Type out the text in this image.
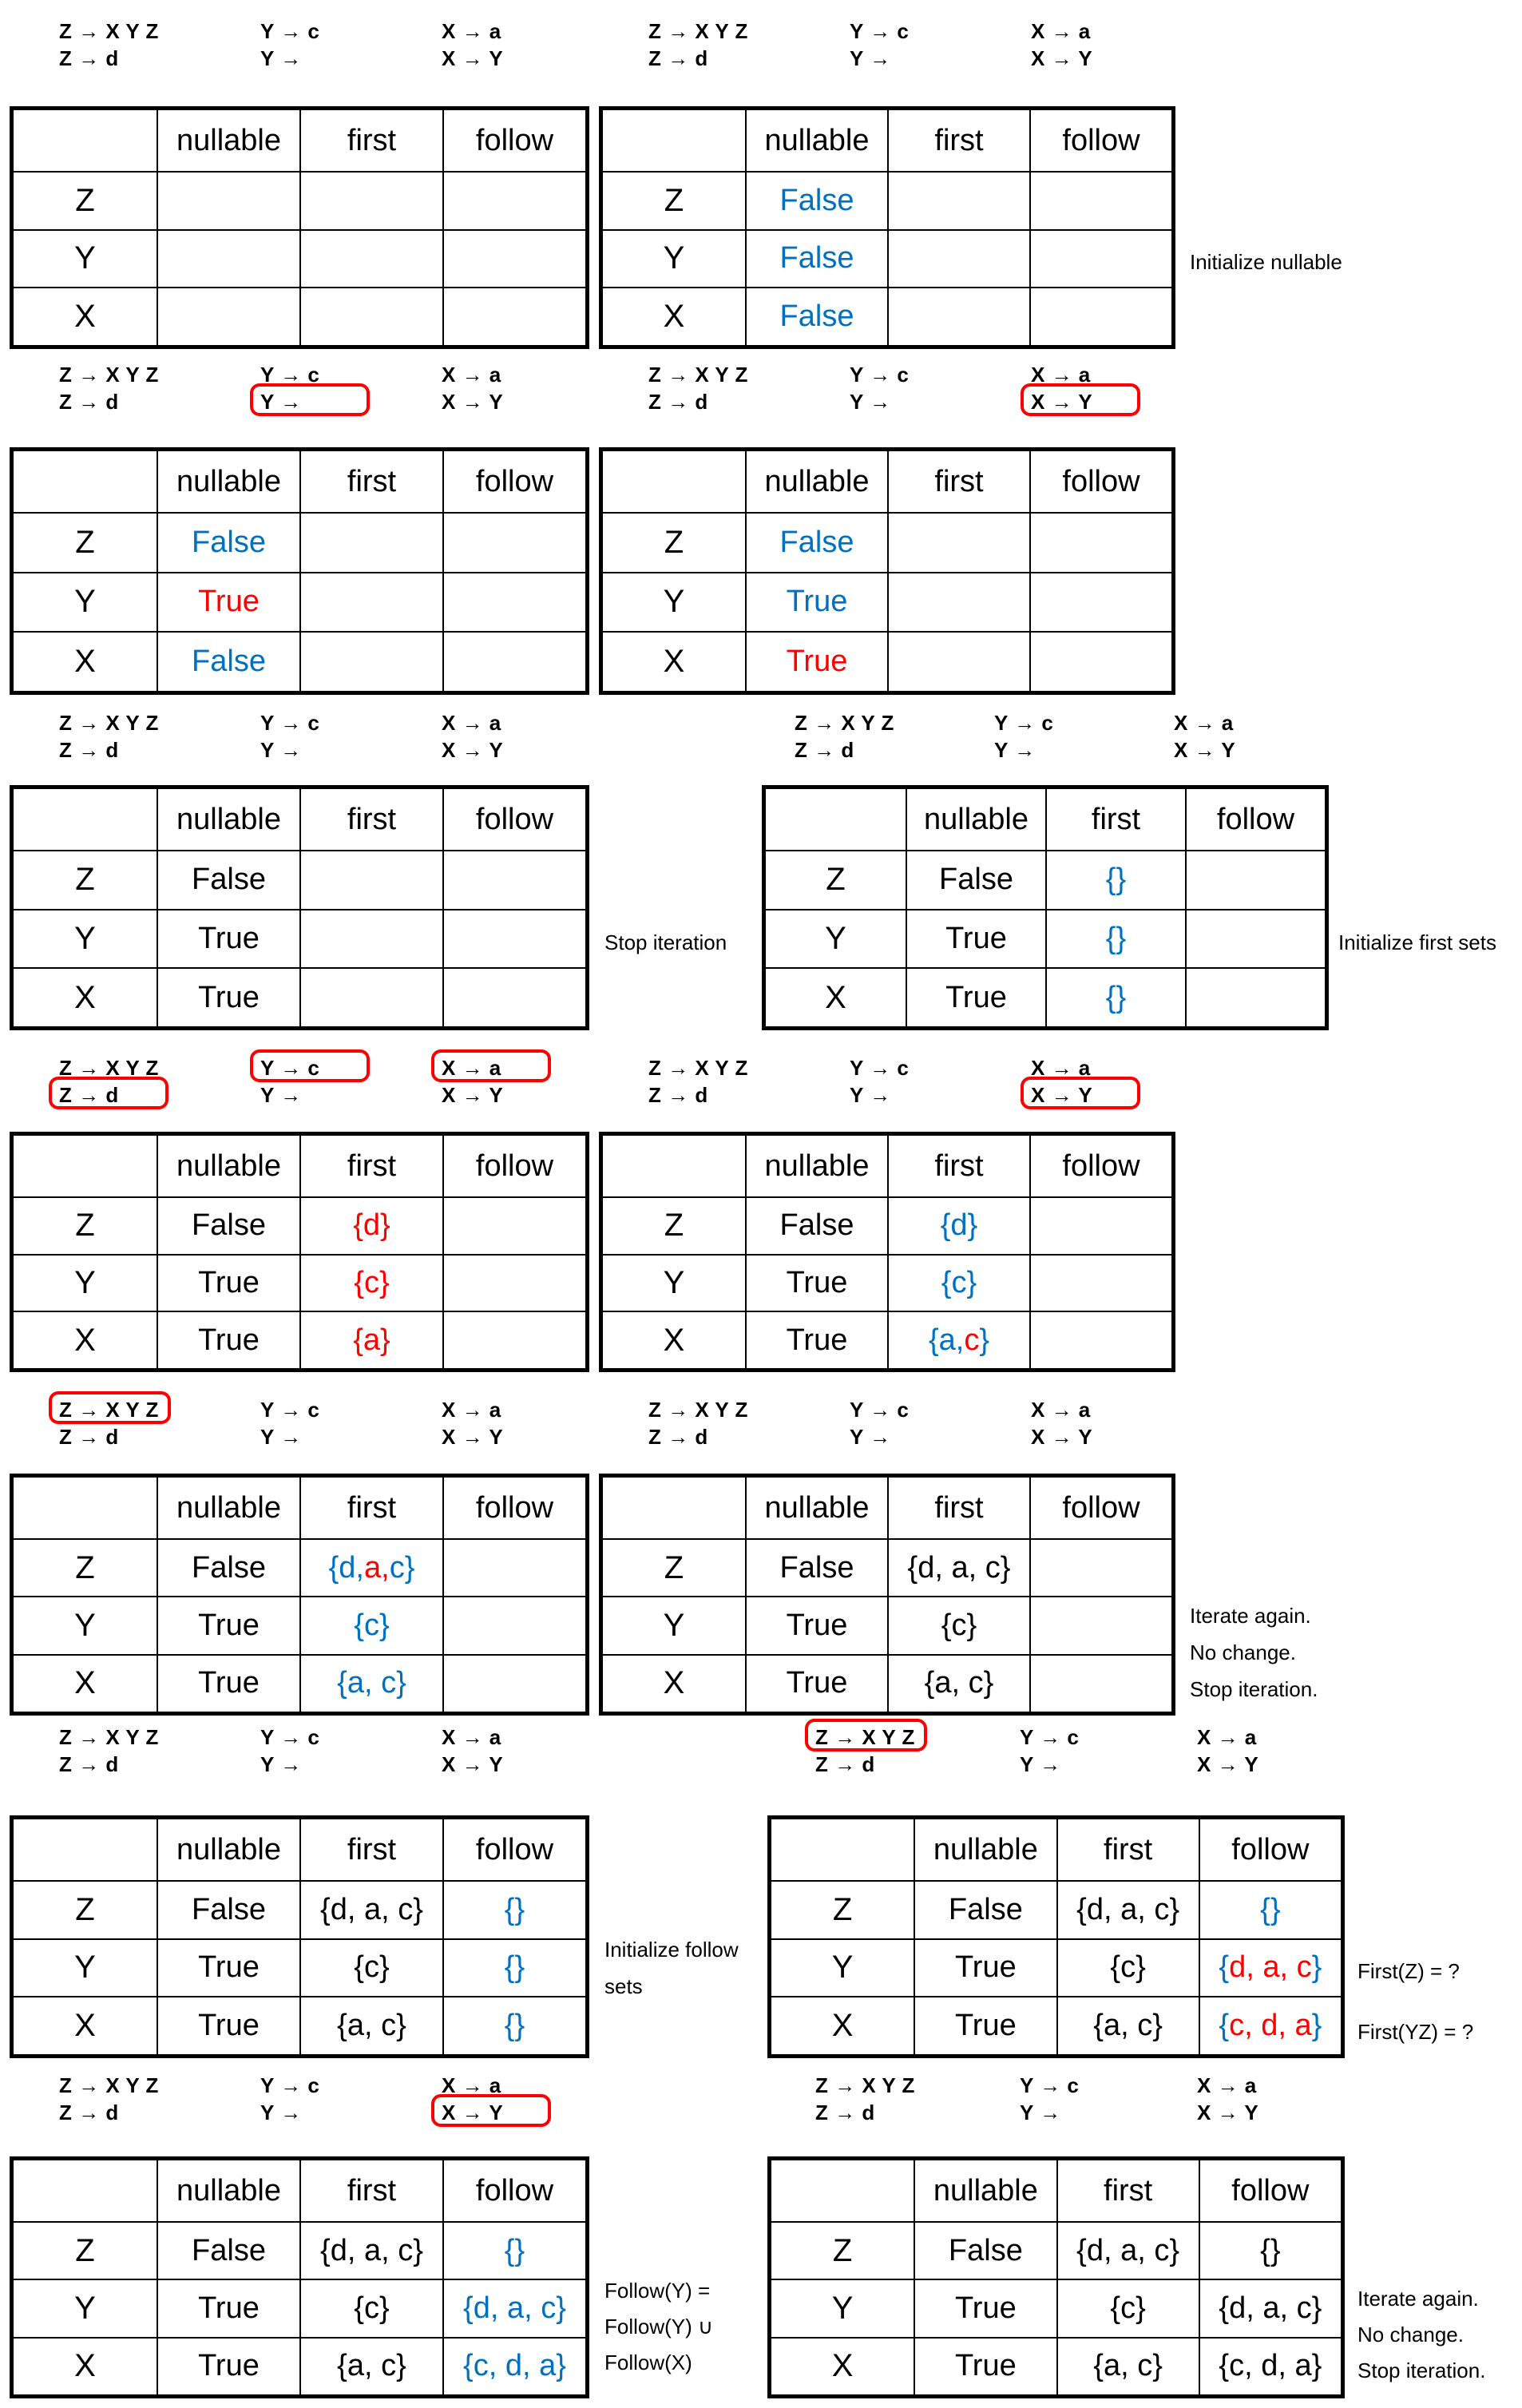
Z → X Y Z
Z → d
Y → c
Y →
X → a
X → Y
nullable	first	follow
Z
Y
X
Z → X Y Z
Z → d
Y → c
Y →
X → a
X → Y
nullable	first	follow
Z	False
Y	False
X	False
Z → X Y Z
Z → d
Y → c
Y →
X → a
X → Y
nullable	first	follow
Z	False
Y	True
X	False
Z → X Y Z
Z → d
Y → c
Y →
X → a
X → Y
nullable	first	follow
Z	False
Y	True
X	True
Z → X Y Z
Z → d
Y → c
Y →
X → a
X → Y
nullable	first	follow
Z	False
Y	True
X	True
Z → X Y Z
Z → d
Y → c
Y →
X → a
X → Y
nullable	first	follow
Z	False	{}
Y	True	{}
X	True	{}
Z → X Y Z
Z → d
Y → c
Y →
X → a
X → Y
nullable	first	follow
Z	False	{d}
Y	True	{c}
X	True	{a}
Z → X Y Z
Z → d
Y → c
Y →
X → a
X → Y
nullable	first	follow
Z	False	{d}
Y	True	{c}
X	True	{a, c }
Z → X Y Z
Z → d
Y → c
Y →
X → a
X → Y
nullable	first	follow
Z	False {d, a, c}
Y	True	{c}
X	True	{a, c}
Z → X Y Z
Z → d
Y → c
Y →
X → a
X → Y
nullable	first	follow
Z	False {d, a, c}
Y	True	{c}
X	True	{a, c}
Z → X Y Z
Z → d
Y → c
Y →
X → a
X → Y
nullable	first	follow
Z	False {d, a, c}	{}
Y	True	{c}	{}
X	True	{a, c}	{}
Z → X Y Z
Z → d
Y → c
Y →
X → a
X → Y
nullable	first	follow
Z	False {d, a, c}	{}
Y	True	{c} { d, a, c }
X	True	{a, c} { c, d, a }
Z → X Y Z
Z → d
Y → c
Y →
X → a
X → Y
nullable	first	follow
Z	False {d, a, c}	{}
Y	True	{c} {d, a, c}
X	True	{a, c} {c, d, a}
Z → X Y Z
Z → d
Y → c
Y →
X → a
X → Y
nullable	first	follow
Z	False {d, a, c}	{}
Y	True	{c} {d, a, c}
X	True	{a, c} {c, d, a}
Initialize nullable
Stop iteration	Initialize first sets
Iterate again.
No change.
Stop iteration.
Initialize follow
sets
First(Z) = ?
First(YZ) = ?
Follow(Y) =
Follow(Y) ∪
Follow(X)
Iterate again.
No change.
Stop iteration.
